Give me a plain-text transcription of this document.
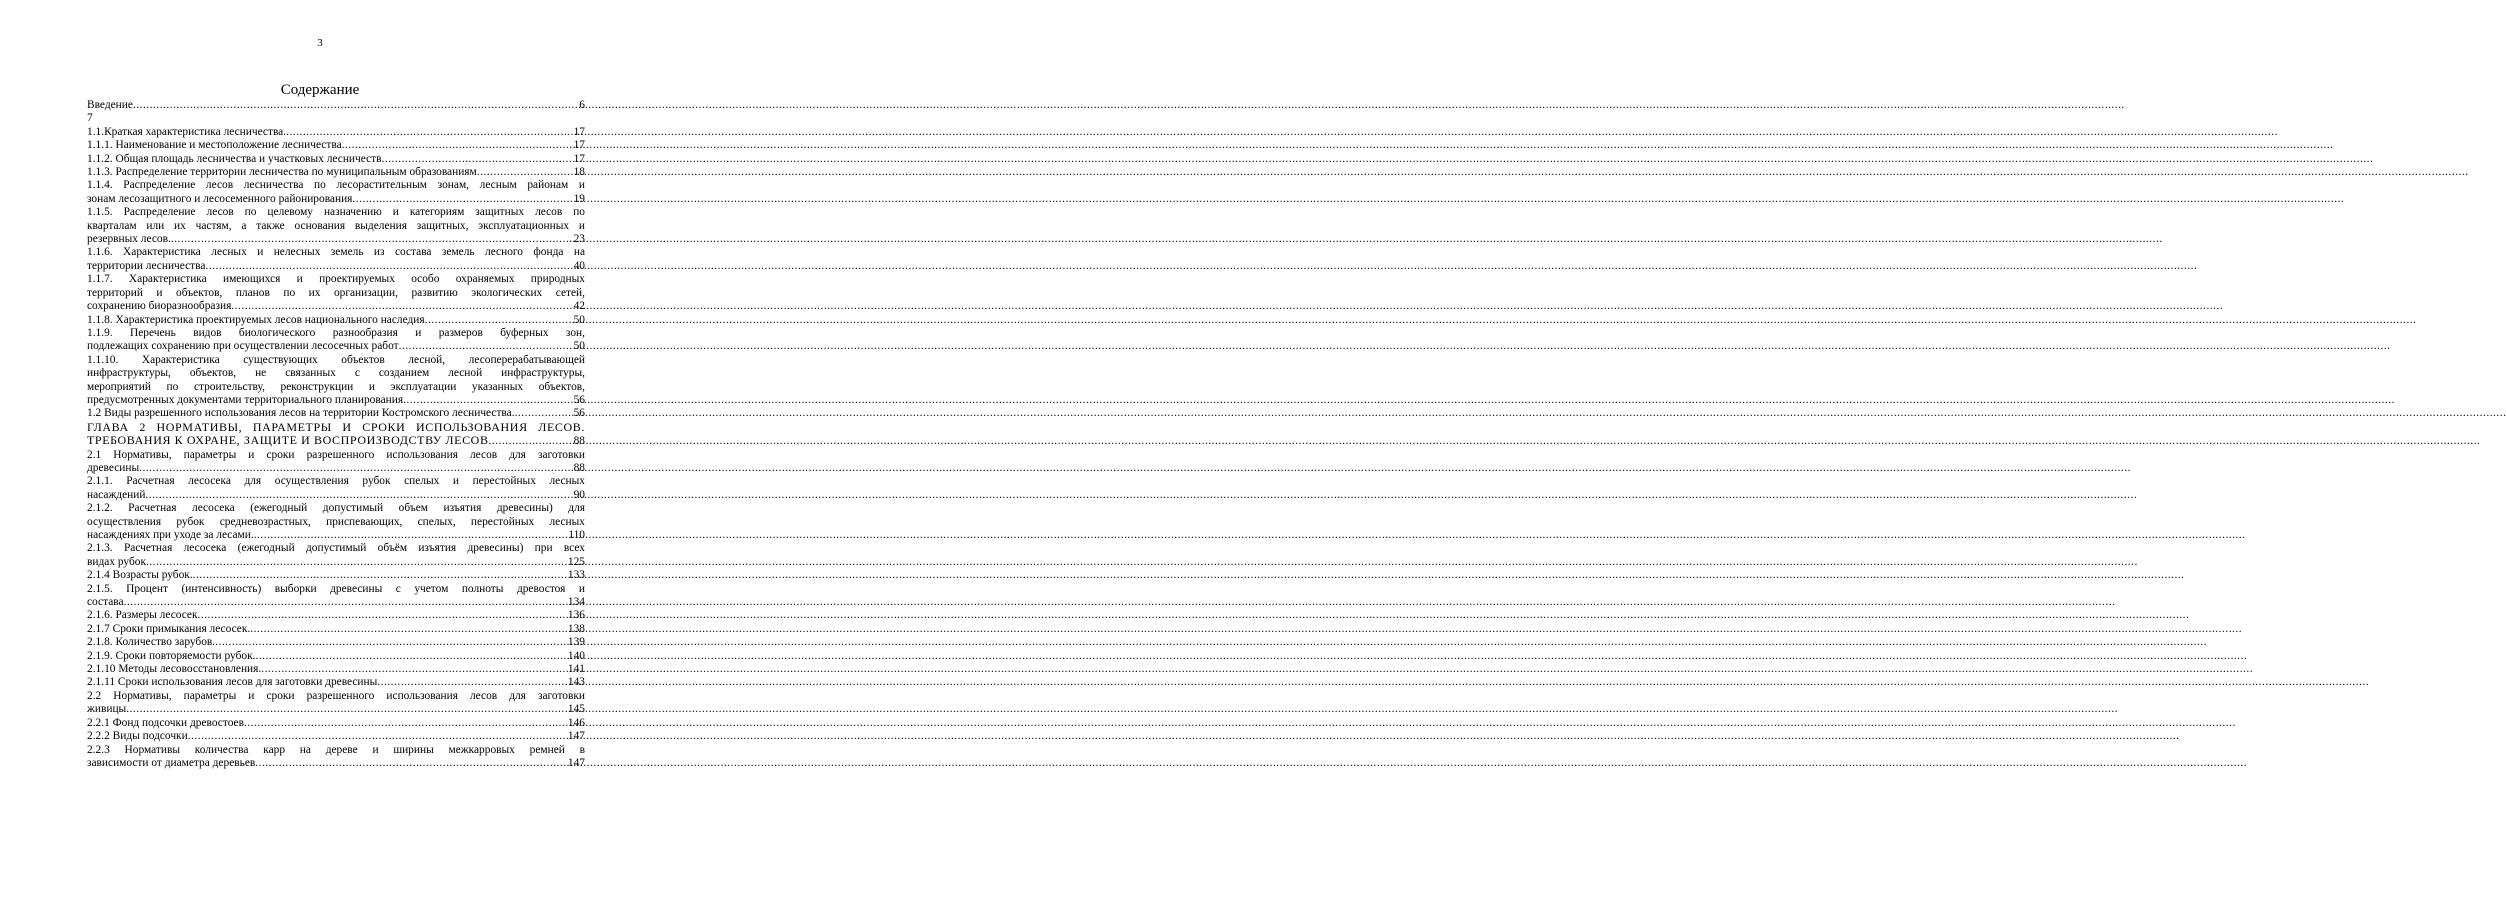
3
Содержание
Введение .....	6
7
1.1.Краткая характеристика лесничества. .....	17
1.1.1. Наименование и местоположение лесничества .....	17
1.1.2. Общая площадь лесничества и участковых лесничеств .....	17
1.1.3. Распределение территории лесничества по муниципальным образованиям .....	18
1.1.4. Распределение лесов лесничества по лесорастительным зонам, лесным районам и
зонам лесозащитного и лесосеменного районирования .....	19
1.1.5. Распределение лесов по целевому назначению и категориям защитных лесов по
кварталам или их частям, а также основания выделения защитных, эксплуатационных и
резервных лесов. .....	23
1.1.6. Характеристика лесных и нелесных земель из состава земель лесного фонда на
территории лесничества .....	40
1.1.7. Характеристика имеющихся и проектируемых особо охраняемых природных
территорий и объектов, планов по их организации, развитию экологических сетей,
сохранению биоразнообразия .....	42
1.1.8. Характеристика проектируемых лесов национального наследия .....	50
1.1.9. Перечень видов биологического разнообразия и размеров буферных зон,
подлежащих сохранению при осуществлении лесосечных работ .....	50
1.1.10. Характеристика существующих объектов лесной, лесоперерабатывающей
инфраструктуры, объектов, не связанных с созданием лесной инфраструктуры,
мероприятий по строительству, реконструкции и эксплуатации указанных объектов,
предусмотренных документами территориального планирования .....	56
1.2 Виды разрешенного использования лесов на территории Костромского лесничества. .....	56
ГЛАВА 2 НОРМАТИВЫ, ПАРАМЕТРЫ И СРОКИ ИСПОЛЬЗОВАНИЯ ЛЕСОВ.
ТРЕБОВАНИЯ К ОХРАНЕ, ЗАЩИТЕ И ВОСПРОИЗВОДСТВУ ЛЕСОВ .....	88
2.1 Нормативы, параметры и сроки разрешенного использования лесов для заготовки
древесины .....	88
2.1.1. Расчетная лесосека для осуществления рубок спелых и перестойных лесных
насаждений .....	90
2.1.2. Расчетная лесосека (ежегодный допустимый объем изъятия древесины) для
осуществления рубок средневозрастных, приспевающих, спелых, перестойных лесных
насаждениях при уходе за лесами. .....	110
2.1.3. Расчетная лесосека (ежегодный допустимый объём изъятия древесины) при всех
видах рубок .....	125
2.1.4 Возрасты рубок. .....	133
2.1.5. Процент (интенсивность) выборки древесины с учетом полноты древостоя и
состава .....	134
2.1.6. Размеры лесосек .....	136
2.1.7 Сроки примыкания лесосек. .....	138
2.1.8. Количество зарубов. .....	139
2.1.9. Сроки повторяемости рубок. .....	140
2.1.10 Методы лесовосстановления. .....	141
2.1.11 Сроки использования лесов для заготовки древесины .....	143
2.2 Нормативы, параметры и сроки разрешенного использования лесов для заготовки
живицы .....	145
2.2.1 Фонд подсочки древостоев .....	146
2.2.2 Виды подсочки .....	147
2.2.3 Нормативы количества карр на дереве и ширины межкарровых ремней в
зависимости от диаметра деревьев .....	147
